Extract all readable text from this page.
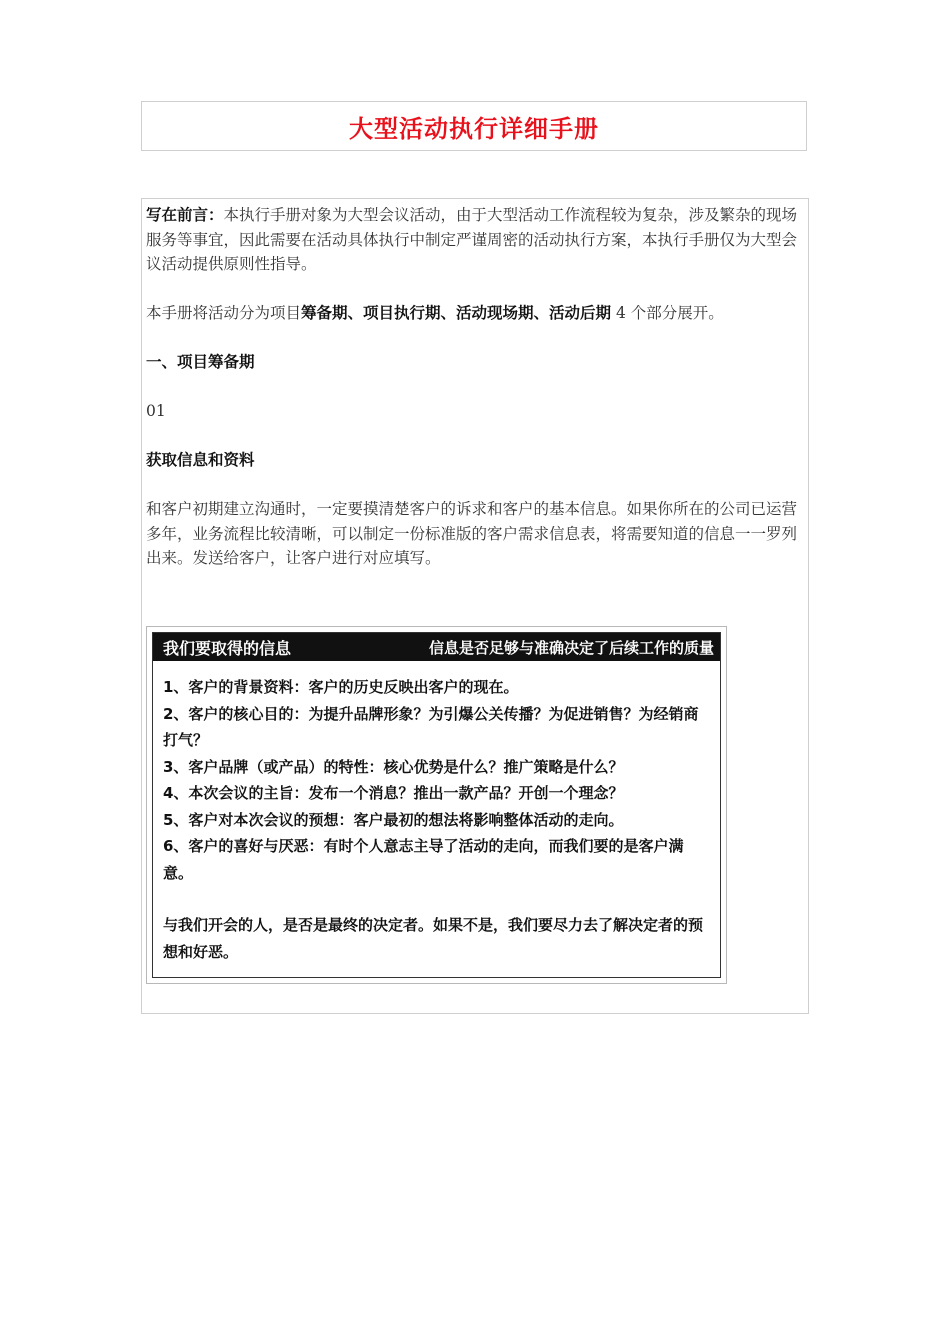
大型活动执行详细手册

写在前言：本执行手册对象为大型会议活动，由于大型活动工作流程较为复杂，涉及繁杂的现场服务等事宜，因此需要在活动具体执行中制定严谨周密的活动执行方案，本执行手册仅为大型会议活动提供原则性指导。

本手册将活动分为项目筹备期、项目执行期、活动现场期、活动后期 4 个部分展开。

一、项目筹备期

01

获取信息和资料

和客户初期建立沟通时，一定要摸清楚客户的诉求和客户的基本信息。如果你所在的公司已运营多年，业务流程比较清晰，可以制定一份标准版的客户需求信息表，将需要知道的信息一一罗列出来。发送给客户，让客户进行对应填写。

我们要取得的信息	信息是否足够与准确决定了后续工作的质量

1、客户的背景资料：客户的历史反映出客户的现在。

2、客户的核心目的：为提升品牌形象？为引爆公关传播？为促进销售？为经销商打气？

3、客户品牌（或产品）的特性：核心优势是什么？推广策略是什么？

4、本次会议的主旨：发布一个消息？推出一款产品？开创一个理念？

5、客户对本次会议的预想：客户最初的想法将影响整体活动的走向。

6、客户的喜好与厌恶：有时个人意志主导了活动的走向，而我们要的是客户满意。

与我们开会的人，是否是最终的决定者。如果不是，我们要尽力去了解决定者的预想和好恶。
